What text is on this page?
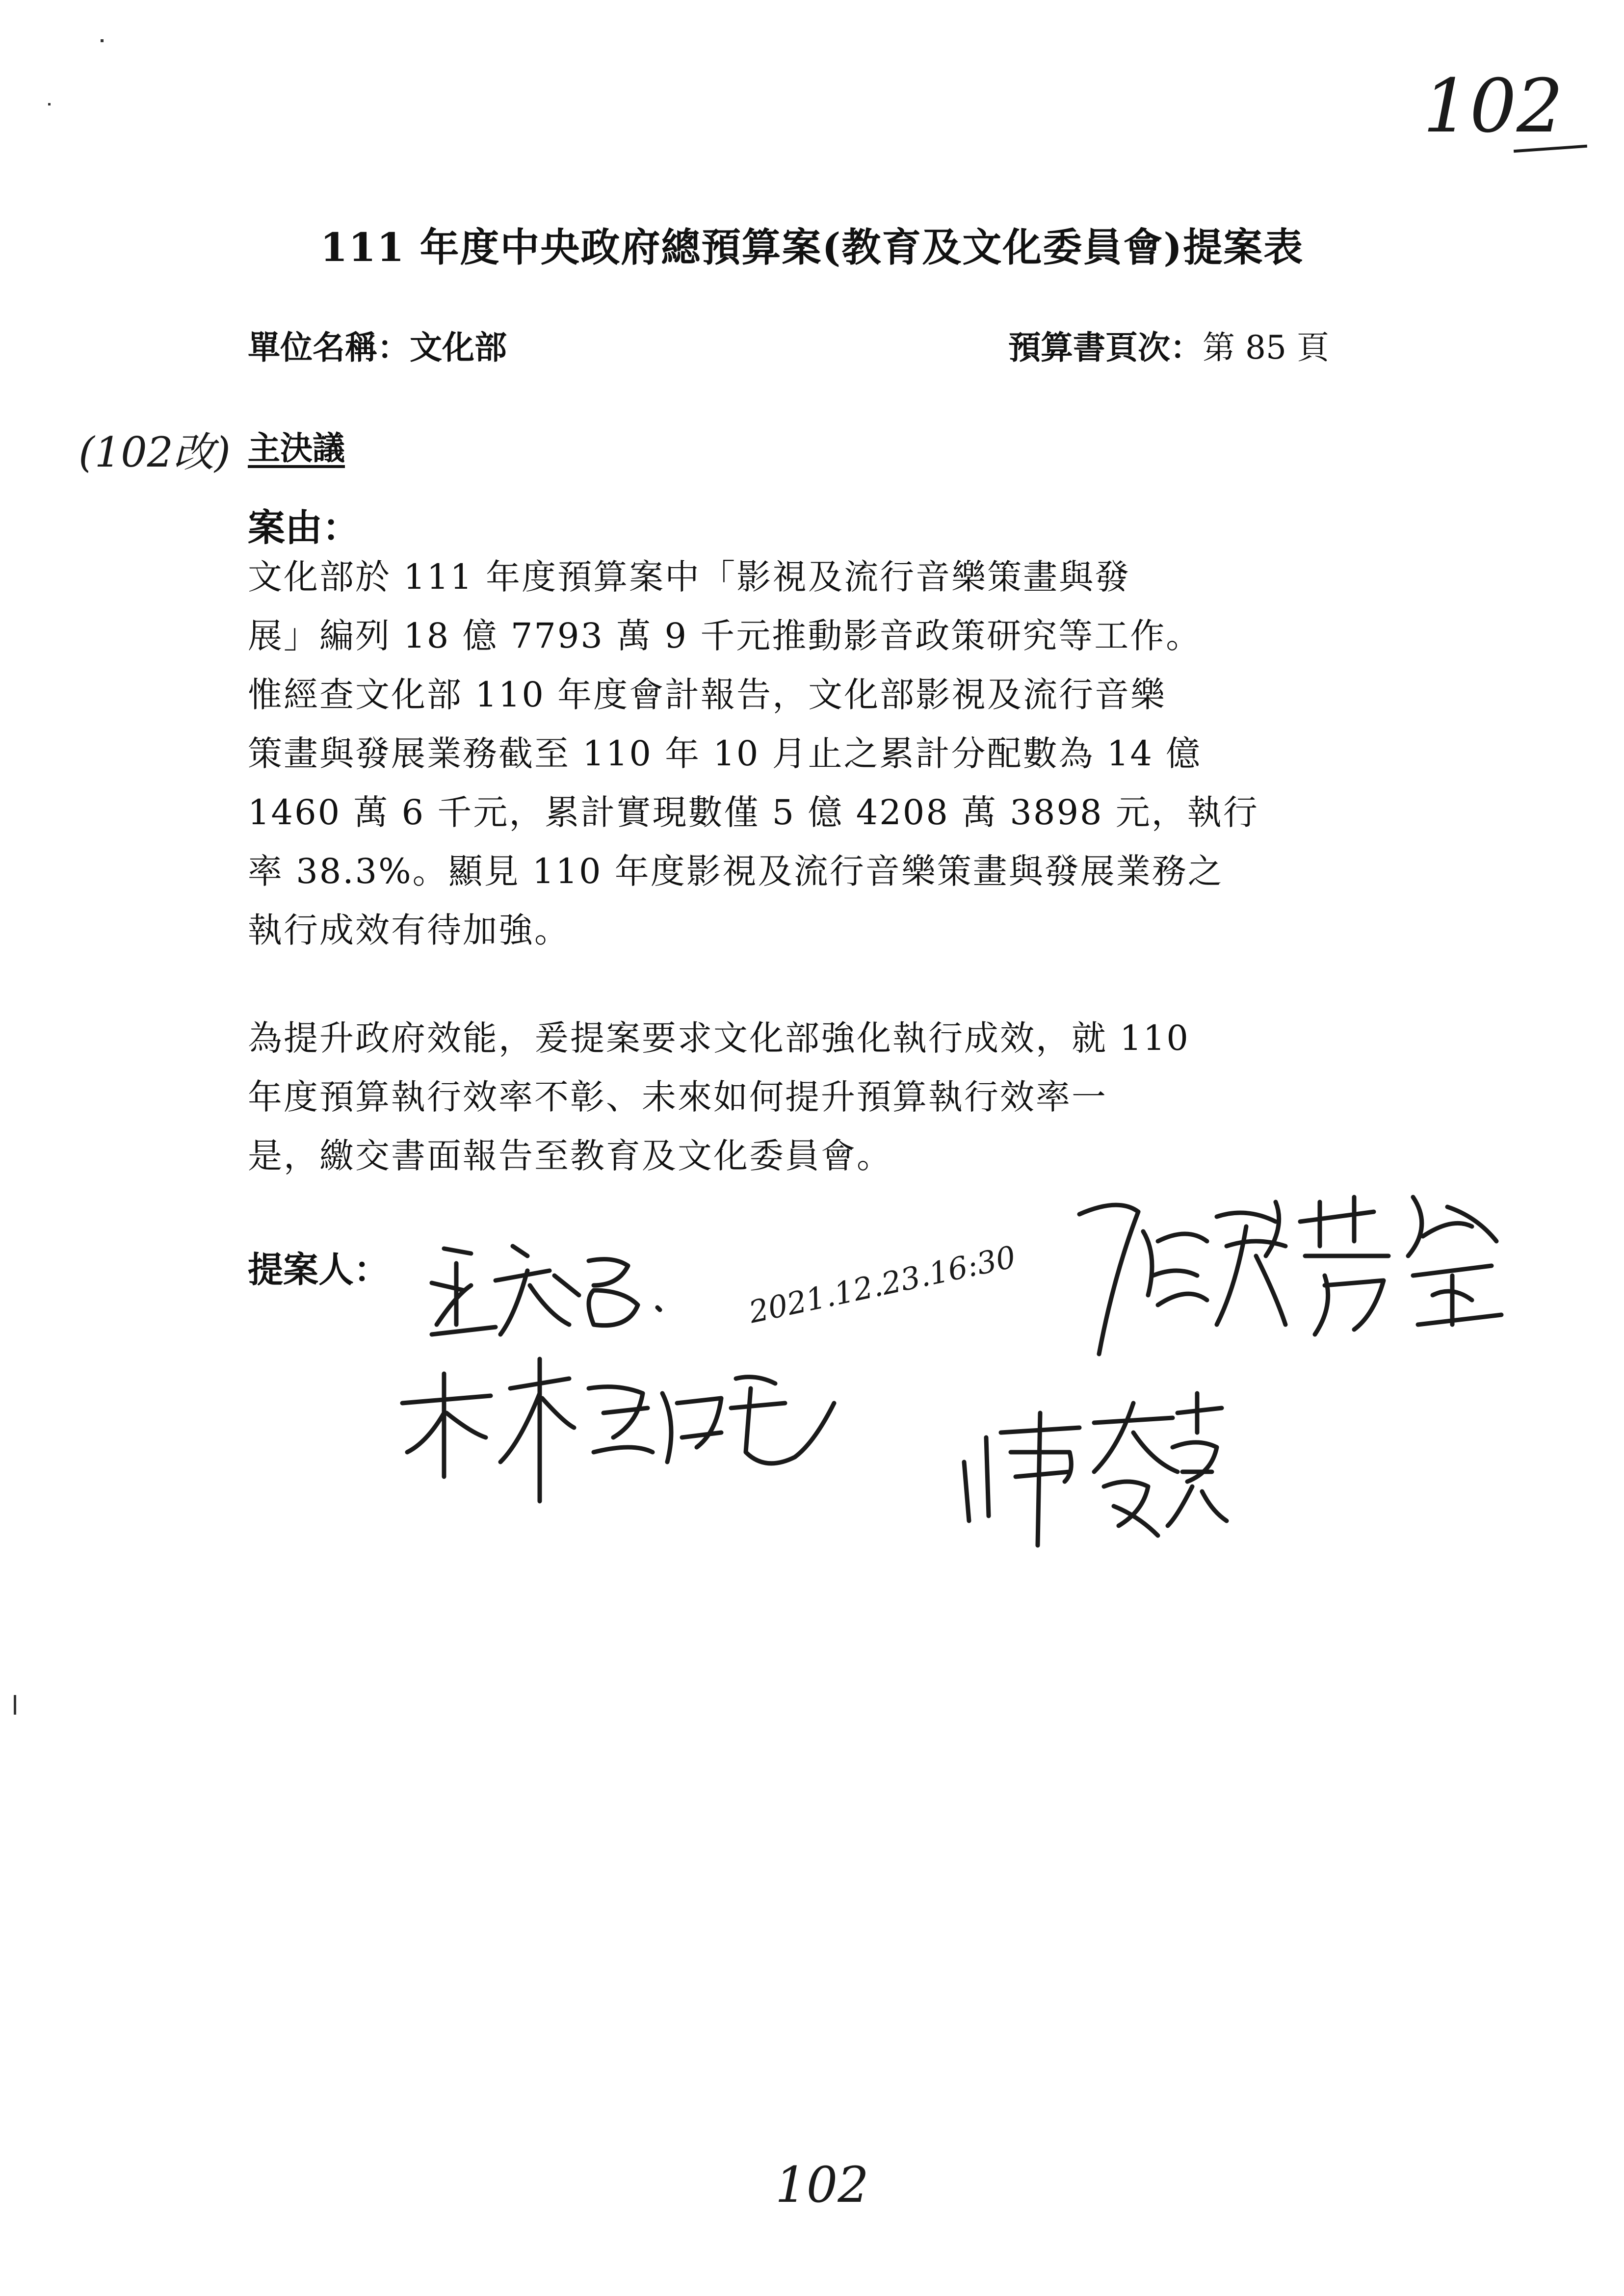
102
111 年度中央政府總預算案(教育及文化委員會)提案表
單位名稱：文化部	預算書頁次：第 85 頁
(102改) 主決議
案由：
文化部於 111 年度預算案中「影視及流行音樂策畫與發
展」編列 18 億 7793 萬 9 千元推動影音政策研究等工作。
惟經查文化部 110 年度會計報告，文化部影視及流行音樂
策畫與發展業務截至 110 年 10 月止之累計分配數為 14 億
1460 萬 6 千元，累計實現數僅 5 億 4208 萬 3898 元，執行
率 38.3%。顯見 110 年度影視及流行音樂策畫與發展業務之
執行成效有待加強。
為提升政府效能，爰提案要求文化部強化執行成效，就 110
年度預算執行效率不彰、未來如何提升預算執行效率一
是，繳交書面報告至教育及文化委員會。
提案人：	2021.12.23.16:30
102
